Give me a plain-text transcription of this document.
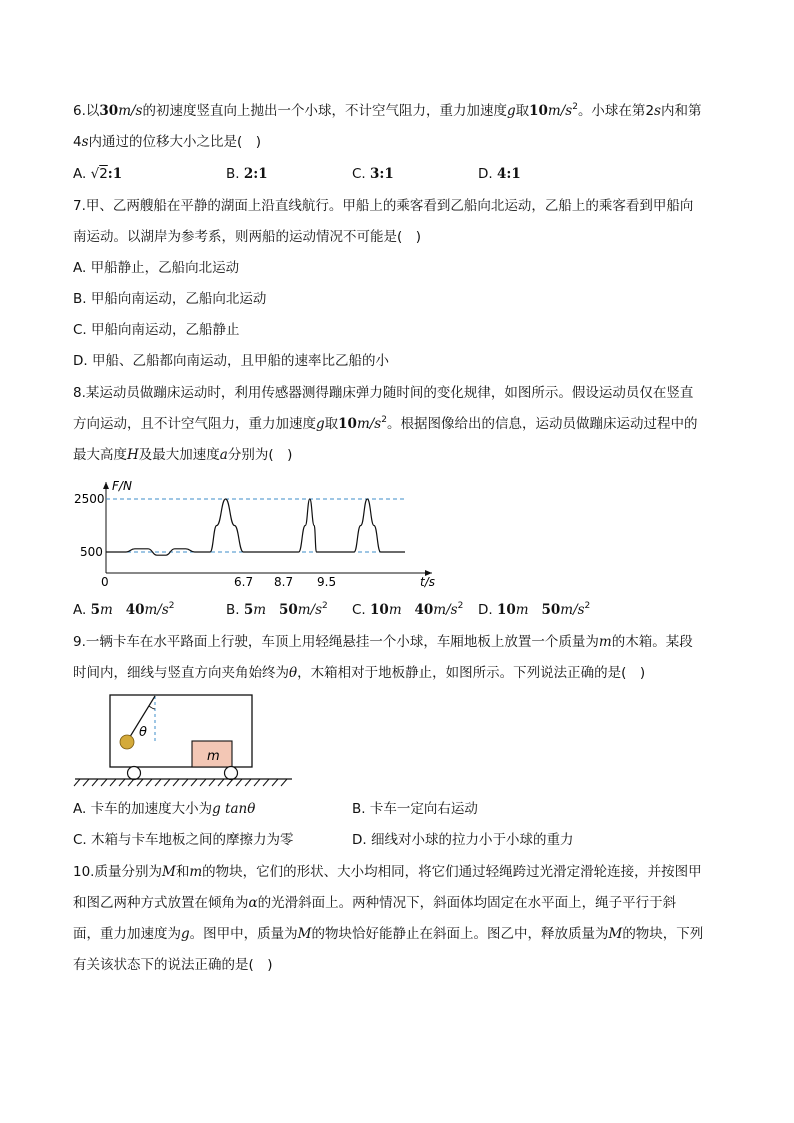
6.以30m/s的初速度竖直向上抛出一个小球，不计空气阻力，重力加速度g取$10m/s^2$。小球在第2s内和第
4s内通过的位移大小之比是(　)
A. √2:1	B. 2:1	C. 3:1	D. 4:1
7.甲、乙两艘船在平静的湖面上沿直线航行。甲船上的乘客看到乙船向北运动，乙船上的乘客看到甲船向
南运动。以湖岸为参考系，则两船的运动情况不可能是(　)
A. 甲船静止，乙船向北运动
B. 甲船向南运动，乙船向北运动
C. 甲船向南运动，乙船静止
D. 甲船、乙船都向南运动，且甲船的速率比乙船的小
8.某运动员做蹦床运动时，利用传感器测得蹦床弹力随时间的变化规律，如图所示。假设运动员仅在竖直
方向运动，且不计空气阻力，重力加速度g取$10m/s^2$。根据图像给出的信息，运动员做蹦床运动过程中的
最大高度H及最大加速度a分别为(　)
F/N
t/s
2500
500
0	6.7 8.7 9.5
A. 5m $40m/s^2$	B. 5m $50m/s^2$ C. 10m $40m/s^2$ D. 10m $50m/s^2$
9.一辆卡车在水平路面上行驶，车顶上用轻绳悬挂一个小球，车厢地板上放置一个质量为m的木箱。某段
时间内，细线与竖直方向夹角始终为θ，木箱相对于地板静止，如图所示。下列说法正确的是(　)
θ
m
A. 卡车的加速度大小为g tanθ	B. 卡车一定向右运动
C. 木箱与卡车地板之间的摩擦力为零	D. 细线对小球的拉力小于小球的重力
10.质量分别为M和m的物块，它们的形状、大小均相同，将它们通过轻绳跨过光滑定滑轮连接，并按图甲
和图乙两种方式放置在倾角为α的光滑斜面上。两种情况下，斜面体均固定在水平面上，绳子平行于斜
面，重力加速度为g。图甲中，质量为M的物块恰好能静止在斜面上。图乙中，释放质量为M的物块，下列
有关该状态下的说法正确的是(　)
